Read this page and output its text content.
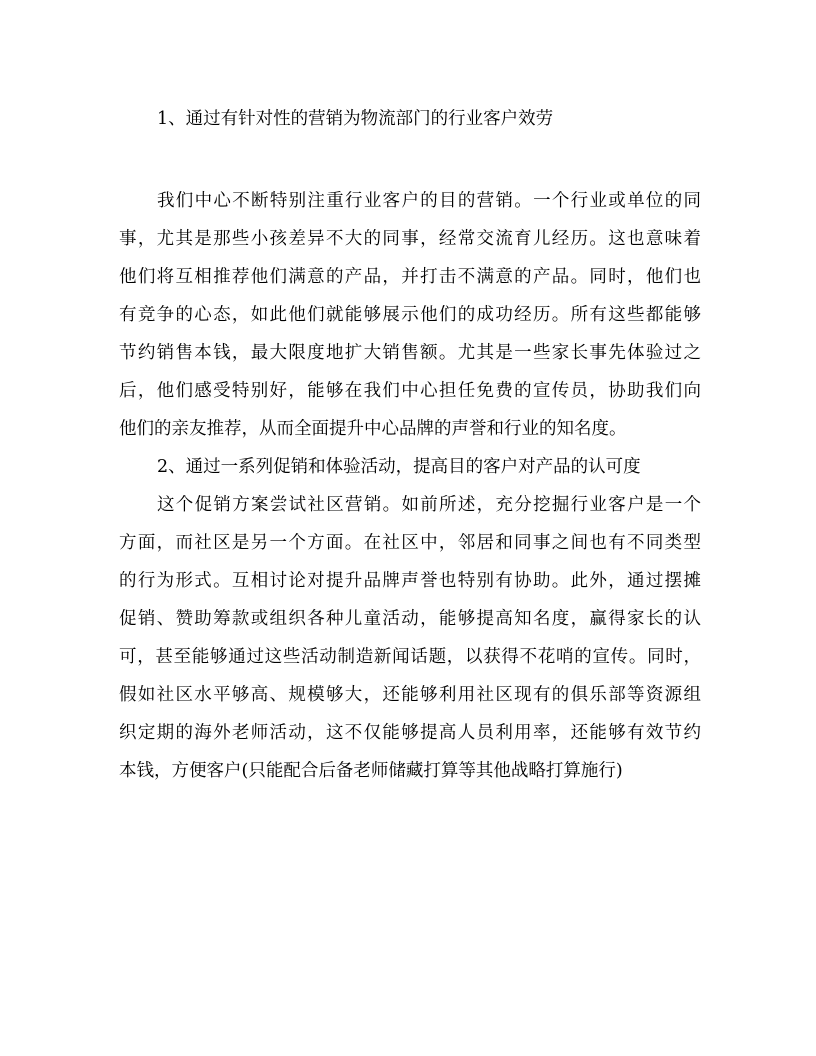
1、通过有针对性的营销为物流部门的行业客户效劳
我们中心不断特别注重行业客户的目的营销。一个行业或单位的同
事，尤其是那些小孩差异不大的同事，经常交流育儿经历。这也意味着
他们将互相推荐他们满意的产品，并打击不满意的产品。同时，他们也
有竞争的心态，如此他们就能够展示他们的成功经历。所有这些都能够
节约销售本钱，最大限度地扩大销售额。尤其是一些家长事先体验过之
后，他们感受特别好，能够在我们中心担任免费的宣传员，协助我们向
他们的亲友推荐，从而全面提升中心品牌的声誉和行业的知名度。
2、通过一系列促销和体验活动，提高目的客户对产品的认可度
这个促销方案尝试社区营销。如前所述，充分挖掘行业客户是一个
方面，而社区是另一个方面。在社区中，邻居和同事之间也有不同类型
的行为形式。互相讨论对提升品牌声誉也特别有协助。此外，通过摆摊
促销、赞助筹款或组织各种儿童活动，能够提高知名度，赢得家长的认
可，甚至能够通过这些活动制造新闻话题，以获得不花哨的宣传。同时，
假如社区水平够高、规模够大，还能够利用社区现有的俱乐部等资源组
织定期的海外老师活动，这不仅能够提高人员利用率，还能够有效节约
本钱，方便客户(只能配合后备老师储藏打算等其他战略打算施行)
